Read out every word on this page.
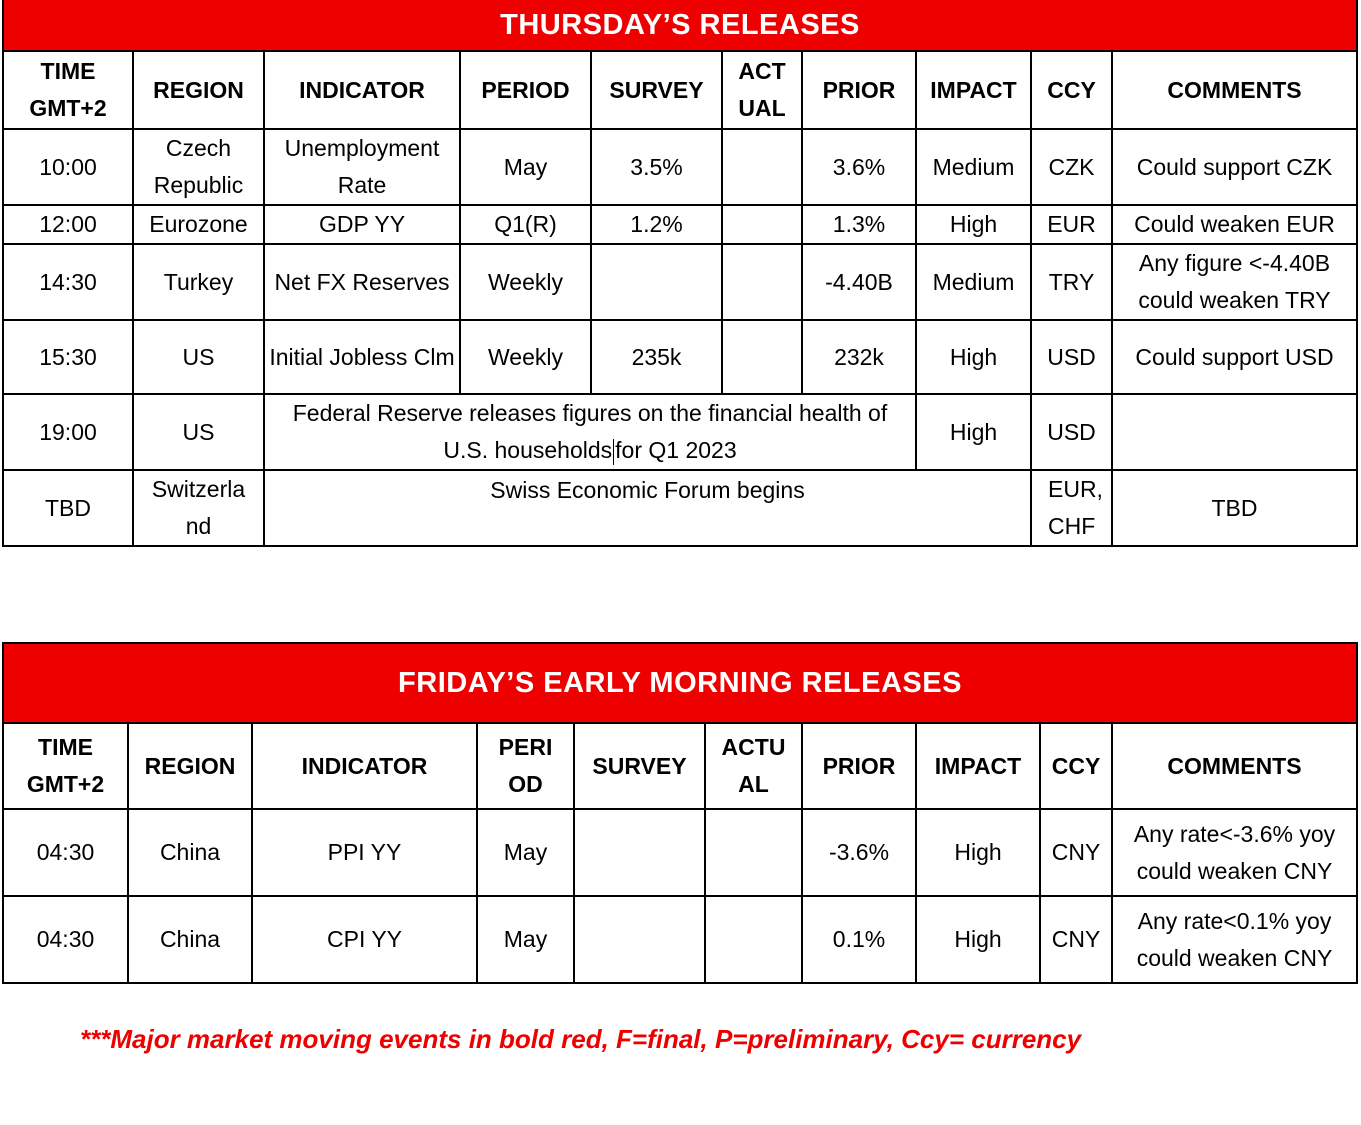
THURSDAY’S RELEASES									
TIME GMT+2	REGION	INDICATOR	PERIOD	SURVEY	ACT UAL	PRIOR	IMPACT	CCY	COMMENTS
10:00	Czech Republic	Unemployment Rate	May	3.5%		3.6%	Medium	CZK	Could support CZK
12:00	Eurozone	GDP YY	Q1(R)	1.2%		1.3%	High	EUR	Could weaken EUR
14:30	Turkey	Net FX Reserves	Weekly			-4.40B	Medium	TRY	Any figure <-4.40B could weaken TRY
15:30	US	Initial Jobless Clm	Weekly	235k		232k	High	USD	Could support USD
19:00	US	Federal Reserve releases figures on the financial health of U.S. households for Q1 2023					High	USD	
TBD	Switzerland	Swiss Economic Forum begins						EUR, CHF	TBD
FRIDAY’S EARLY MORNING RELEASES									
TIME GMT+2	REGION	INDICATOR	PERIOD	SURVEY	ACTU AL	PRIOR	IMPACT	CCY	COMMENTS
04:30	China	PPI YY	May			-3.6%	High	CNY	Any rate<-3.6% yoy could weaken CNY
04:30	China	CPI YY	May			0.1%	High	CNY	Any rate<0.1% yoy could weaken CNY
***Major market moving events in bold red, F=final, P=preliminary, Ccy= currency
